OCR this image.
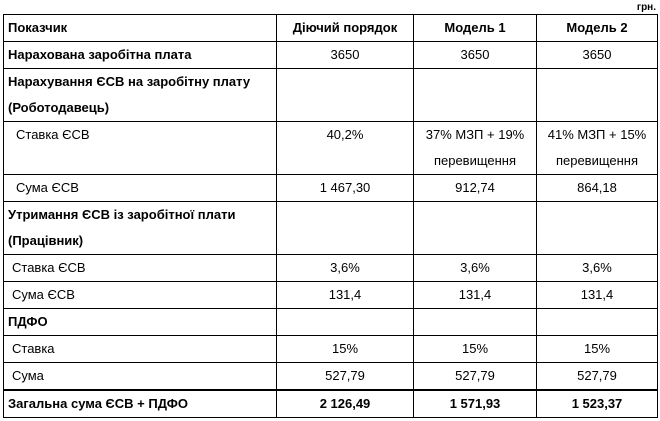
грн.
Показчик	Діючий порядок	Модель 1	Модель 2
Нарахована заробітна плата	3650	3650	3650
Нарахування ЄСВ на заробітну плату (Роботодавець)			
Ставка ЄСВ	40,2%	37% МЗП + 19% перевищення	41% МЗП + 15% перевищення
Сума ЄСВ	1 467,30	912,74	864,18
Утримання ЄСВ із заробітної плати (Працівник)			
Ставка ЄСВ	3,6%	3,6%	3,6%
Сума ЄСВ	131,4	131,4	131,4
ПДФО			
Ставка	15%	15%	15%
Сума	527,79	527,79	527,79
Загальна сума ЄСВ + ПДФО	2 126,49	1 571,93	1 523,37
